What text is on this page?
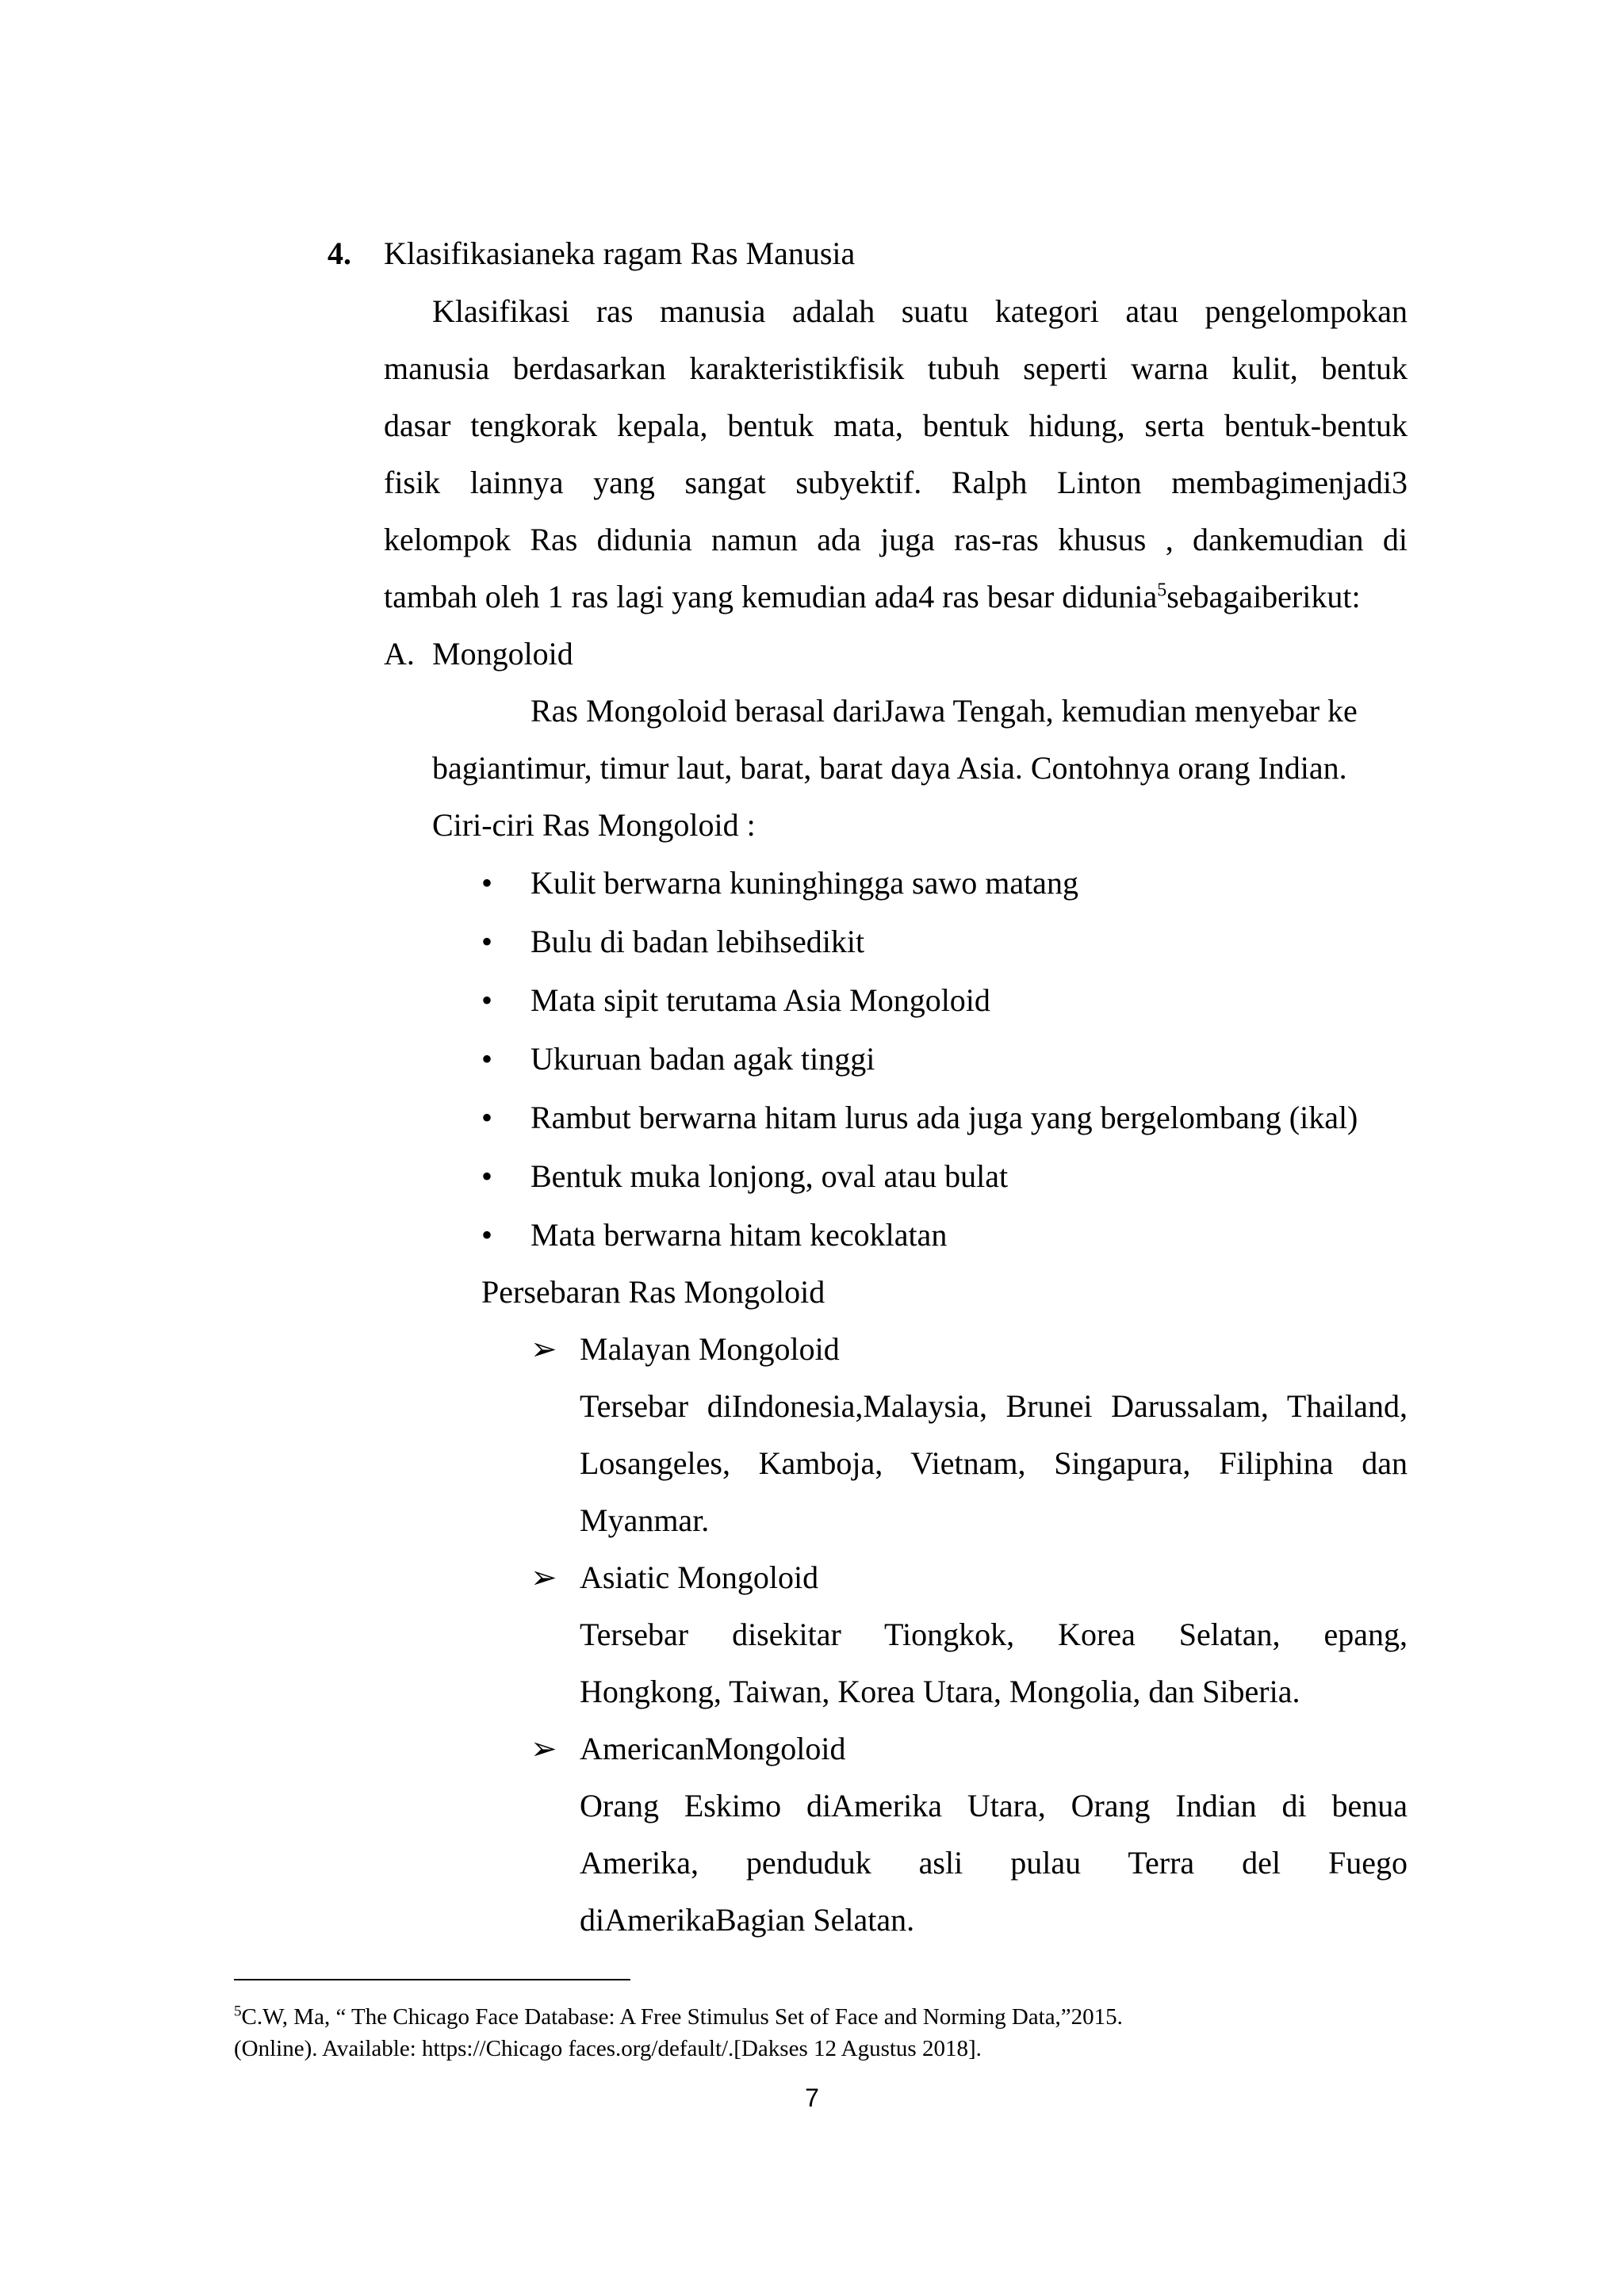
4. Klasifikasianeka ragam Ras Manusia
Klasifikasi ras manusia adalah suatu kategori atau pengelompokan
manusia berdasarkan karakteristikfisik tubuh seperti warna kulit, bentuk
dasar tengkorak kepala, bentuk mata, bentuk hidung, serta bentuk-bentuk
fisik lainnya yang sangat subyektif. Ralph Linton membagimenjadi3
kelompok Ras didunia namun ada juga ras-ras khusus , dankemudian di
tambah oleh 1 ras lagi yang kemudian ada4 ras besar didunia$^5$sebagaiberikut:
A. Mongoloid
Ras Mongoloid berasal dariJawa Tengah, kemudian menyebar ke
bagiantimur, timur laut, barat, barat daya Asia. Contohnya orang Indian.
Ciri-ciri Ras Mongoloid :
• Kulit berwarna kuninghingga sawo matang
• Bulu di badan lebihsedikit
• Mata sipit terutama Asia Mongoloid
• Ukuruan badan agak tinggi
• Rambut berwarna hitam lurus ada juga yang bergelombang (ikal)
• Bentuk muka lonjong, oval atau bulat
• Mata berwarna hitam kecoklatan
Persebaran Ras Mongoloid
➢ Malayan Mongoloid
Tersebar diIndonesia,Malaysia, Brunei Darussalam, Thailand,
Losangeles, Kamboja, Vietnam, Singapura, Filiphina dan
Myanmar.
➢ Asiatic Mongoloid
Tersebar disekitar Tiongkok, Korea Selatan, epang,
Hongkong, Taiwan, Korea Utara, Mongolia, dan Siberia.
➢ AmericanMongoloid
Orang Eskimo diAmerika Utara, Orang Indian di benua
Amerika, penduduk asli pulau Terra del Fuego
diAmerikaBagian Selatan.
$^5$C.W, Ma, “ The Chicago Face Database: A Free Stimulus Set of Face and Norming Data,”2015.
(Online). Available: https://Chicago faces.org/default/.[Dakses 12 Agustus 2018].
7
